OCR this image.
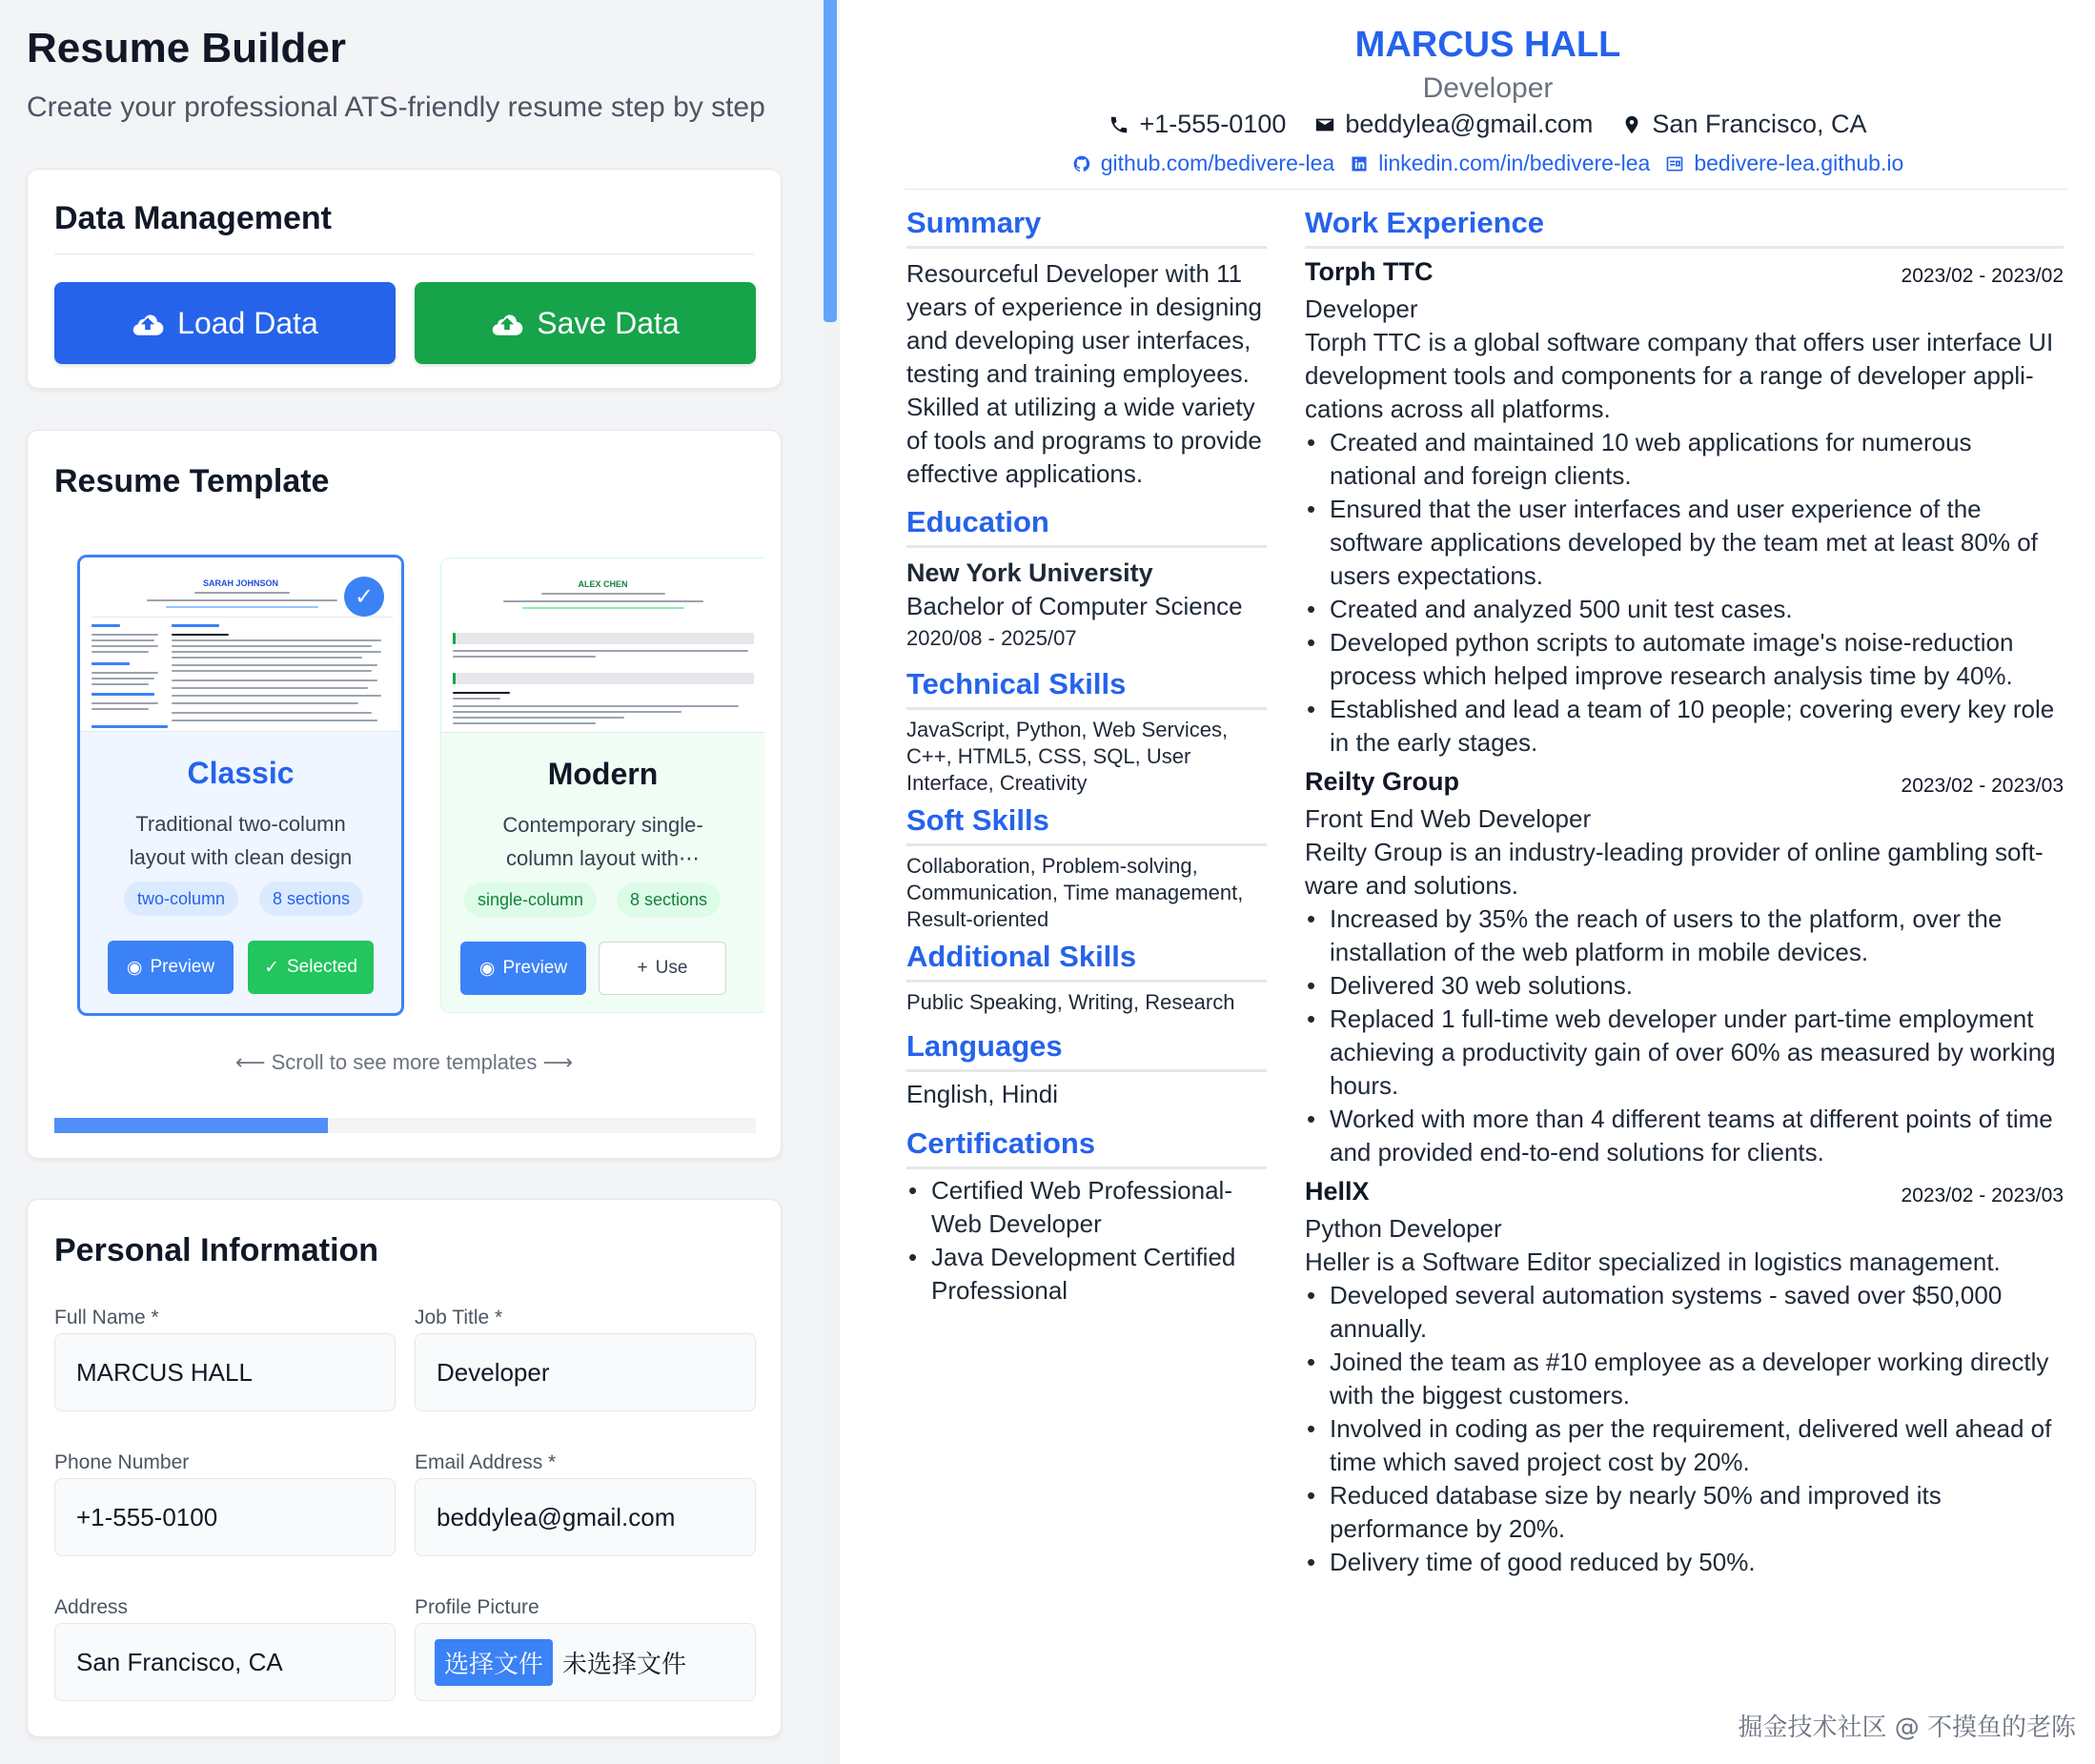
Resume Builder
Create your professional ATS-friendly resume step by step
Data Management
Load Data	Save Data
Resume Template
SARAH JOHNSON
✓
Classic
Traditional two-column layout with clean design
two-column	8 sections
◉ Preview	✓ Selected
ALEX CHEN
Modern
Contemporary single-column layout with⋯
single-column	8 sections
◉ Preview	+ Use
⟵ Scroll to see more templates ⟶
Personal Information
Full Name *
MARCUS HALL
Job Title *
Developer
Phone Number
+1-555-0100
Email Address *
beddylea@gmail.com
Address
San Francisco, CA
Profile Picture
选择文件 未选择文件
MARCUS HALL
Developer
+1-555-0100 beddylea@gmail.com San Francisco, CA
github.com/bedivere-lea linkedin.com/in/bedivere-lea bedivere-lea.github.io
Summary
Resourceful Developer with 11 years of experience in designing and developing user interfaces, testing and training employees. Skilled at utilizing a wide variety of tools and programs to provide effective applications.
Education
New York University
Bachelor of Computer Science
2020/08 - 2025/07
Technical Skills
JavaScript, Python, Web Services, C++, HTML5, CSS, SQL, User Interface, Creativity
Soft Skills
Collaboration, Problem-solving, Communication, Time management, Result-oriented
Additional Skills
Public Speaking, Writing, Research
Languages
English, Hindi
Certifications
• Certified Web Professional-Web Developer
• Java Development Certified Professional
Work Experience
Torph TTC	2023/02 - 2023/02
Developer
Torph TTC is a global software company that offers user interface UI development tools and components for a range of developer applications across all platforms.
• Created and maintained 10 web applications for numerous national and foreign clients.
• Ensured that the user interfaces and user experience of the software applications developed by the team met at least 80% of users expectations.
• Created and analyzed 500 unit test cases.
• Developed python scripts to automate image's noise-reduction process which helped improve research analysis time by 40%.
• Established and lead a team of 10 people; covering every key role in the early stages.
Reilty Group	2023/02 - 2023/03
Front End Web Developer
Reilty Group is an industry-leading provider of online gambling software and solutions.
• Increased by 35% the reach of users to the platform, over the installation of the web platform in mobile devices.
• Delivered 30 web solutions.
• Replaced 1 full-time web developer under part-time employment achieving a productivity gain of over 60% as measured by working hours.
• Worked with more than 4 different teams at different points of time and provided end-to-end solutions for clients.
HellX	2023/02 - 2023/03
Python Developer
Heller is a Software Editor specialized in logistics management.
• Developed several automation systems - saved over $50,000 annually.
• Joined the team as #10 employee as a developer working directly with the biggest customers.
• Involved in coding as per the requirement, delivered well ahead of time which saved project cost by 20%.
• Reduced database size by nearly 50% and improved its performance by 20%.
• Delivery time of good reduced by 50%.
掘金技术社区 @ 不摸鱼的老陈
